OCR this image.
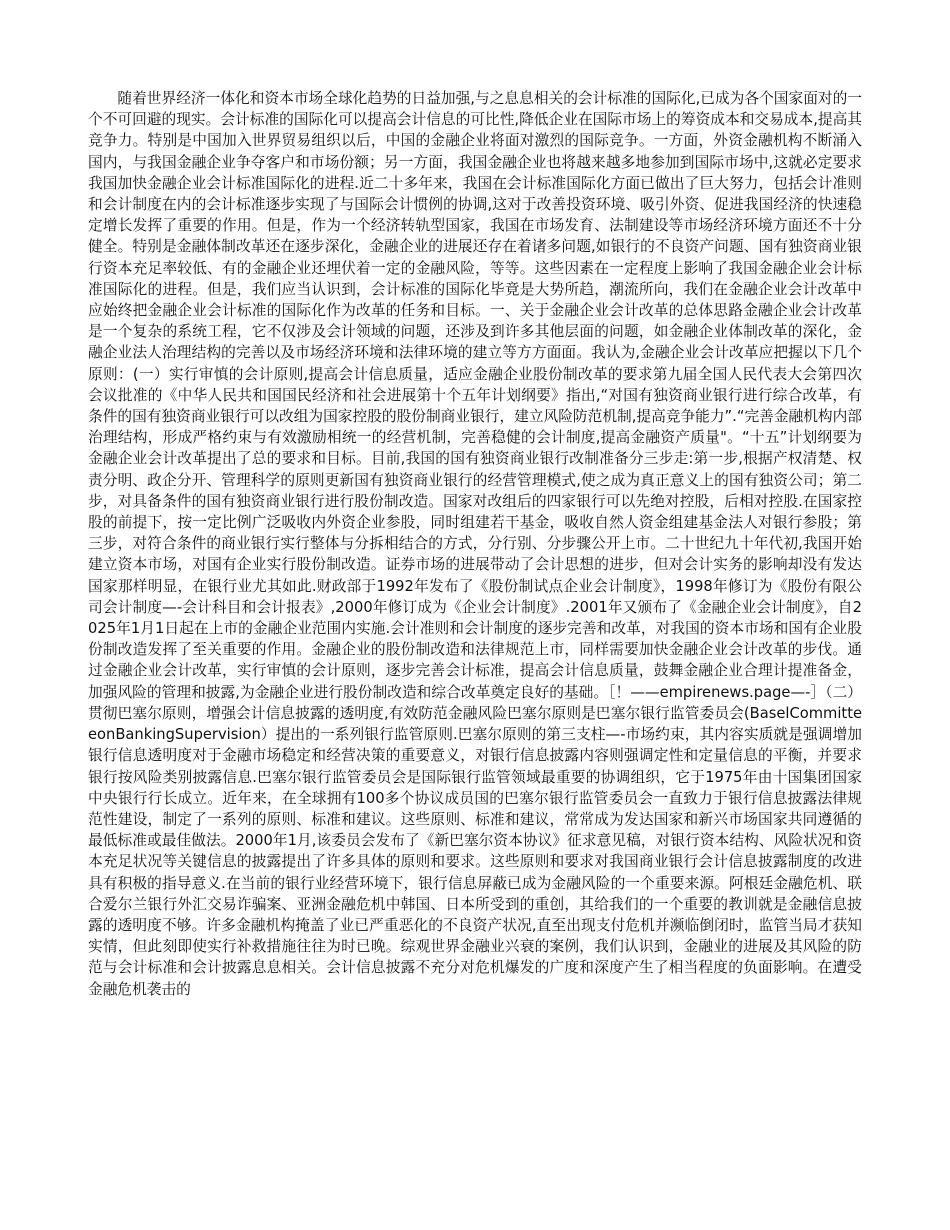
随着世界经济一体化和资本市场全球化趋势的日益加强,与之息息相关的会计标准的国际化,已成为各个国家面对的一个不可回避的现实。会计标准的国际化可以提高会计信息的可比性,降低企业在国际市场上的筹资成本和交易成本,提高其竞争力。特别是中国加入世界贸易组织以后，中国的金融企业将面对激烈的国际竞争。一方面，外资金融机构不断涌入国内，与我国金融企业争夺客户和市场份额；另一方面，我国金融企业也将越来越多地参加到国际市场中,这就必定要求我国加快金融企业会计标准国际化的进程.近二十多年来，我国在会计标准国际化方面已做出了巨大努力，包括会计准则和会计制度在内的会计标准逐步实现了与国际会计惯例的协调,这对于改善投资环境、吸引外资、促进我国经济的快速稳定增长发挥了重要的作用。但是，作为一个经济转轨型国家，我国在市场发育、法制建设等市场经济环境方面还不十分健全。特别是金融体制改革还在逐步深化，金融企业的进展还存在着诸多问题,如银行的不良资产问题、国有独资商业银行资本充足率较低、有的金融企业还埋伏着一定的金融风险，等等。这些因素在一定程度上影响了我国金融企业会计标准国际化的进程。但是，我们应当认识到，会计标准的国际化毕竟是大势所趋，潮流所向，我们在金融企业会计改革中应始终把金融企业会计标准的国际化作为改革的任务和目标。一、关于金融企业会计改革的总体思路金融企业会计改革是一个复杂的系统工程，它不仅涉及会计领域的问题，还涉及到许多其他层面的问题，如金融企业体制改革的深化，金融企业法人治理结构的完善以及市场经济环境和法律环境的建立等方方面面。我认为,金融企业会计改革应把握以下几个原则：(一）实行审慎的会计原则,提高会计信息质量，适应金融企业股份制改革的要求第九届全国人民代表大会第四次会议批准的《中华人民共和国国民经济和社会进展第十个五年计划纲要》指出,“对国有独资商业银行进行综合改革，有条件的国有独资商业银行可以改组为国家控股的股份制商业银行，建立风险防范机制,提高竞争能力”.“完善金融机构内部治理结构，形成严格约束与有效激励相统一的经营机制，完善稳健的会计制度,提高金融资产质量"。“十五”计划纲要为金融企业会计改革提出了总的要求和目标。目前,我国的国有独资商业银行改制准备分三步走:第一步,根据产权清楚、权责分明、政企分开、管理科学的原则更新国有独资商业银行的经营管理模式,使之成为真正意义上的国有独资公司；第二步，对具备条件的国有独资商业银行进行股份制改造。国家对改组后的四家银行可以先绝对控股，后相对控股.在国家控股的前提下，按一定比例广泛吸收内外资企业参股，同时组建若干基金，吸收自然人资金组建基金法人对银行参股；第三步，对符合条件的商业银行实行整体与分拆相结合的方式，分行别、分步骤公开上市。二十世纪九十年代初,我国开始建立资本市场，对国有企业实行股份制改造。证券市场的进展带动了会计思想的进步，但对会计实务的影响却没有发达国家那样明显，在银行业尤其如此.财政部于1992年发布了《股份制试点企业会计制度》，1998年修订为《股份有限公司会计制度—-会计科目和会计报表》,2000年修订成为《企业会计制度》.2001年又颁布了《金融企业会计制度》，自2025年1月1日起在上市的金融企业范围内实施.会计准则和会计制度的逐步完善和改革，对我国的资本市场和国有企业股份制改造发挥了至关重要的作用。金融企业的股份制改造和法律规范上市，同样需要加快金融企业会计改革的步伐。通过金融企业会计改革，实行审慎的会计原则，逐步完善会计标准，提高会计信息质量，鼓舞金融企业合理计提准备金，加强风险的管理和披露,为金融企业进行股份制改造和综合改革奠定良好的基础。［！——empirenews.page—-］（二）贯彻巴塞尔原则，增强会计信息披露的透明度,有效防范金融风险巴塞尔原则是巴塞尔银行监管委员会(BaselCommitteeonBankingSupervision）提出的一系列银行监管原则.巴塞尔原则的第三支柱—-市场约束，其内容实质就是强调增加银行信息透明度对于金融市场稳定和经营决策的重要意义，对银行信息披露内容则强调定性和定量信息的平衡，并要求银行按风险类别披露信息.巴塞尔银行监管委员会是国际银行监管领域最重要的协调组织，它于1975年由十国集团国家中央银行行长成立。近年来，在全球拥有100多个协议成员国的巴塞尔银行监管委员会一直致力于银行信息披露法律规范性建设，制定了一系列的原则、标准和建议。这些原则、标准和建议，常常成为发达国家和新兴市场国家共同遵循的最低标准或最佳做法。2000年1月,该委员会发布了《新巴塞尔资本协议》征求意见稿，对银行资本结构、风险状况和资本充足状况等关键信息的披露提出了许多具体的原则和要求。这些原则和要求对我国商业银行会计信息披露制度的改进具有积极的指导意义.在当前的银行业经营环境下，银行信息屏蔽已成为金融风险的一个重要来源。阿根廷金融危机、联合爱尔兰银行外汇交易诈骗案、亚洲金融危机中韩国、日本所受到的重创，其给我们的一个重要的教训就是金融信息披露的透明度不够。许多金融机构掩盖了业已严重恶化的不良资产状况,直至出现支付危机并濒临倒闭时，监管当局才获知实情，但此刻即使实行补救措施往往为时已晚。综观世界金融业兴衰的案例，我们认识到，金融业的进展及其风险的防范与会计标准和会计披露息息相关。会计信息披露不充分对危机爆发的广度和深度产生了相当程度的负面影响。在遭受金融危机袭击的
